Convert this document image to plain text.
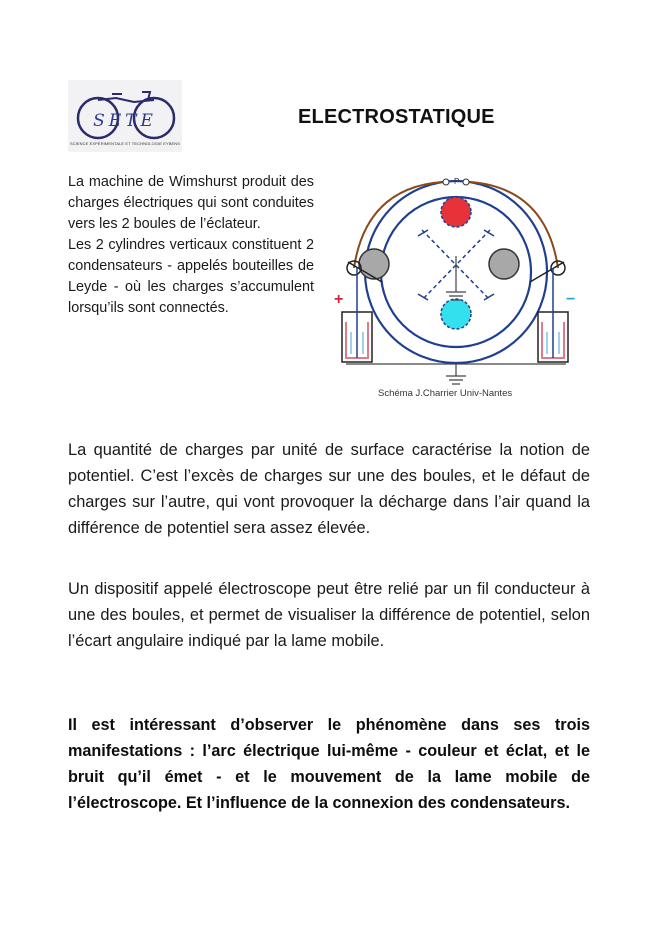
SETE
SCIENCE EXPÉRIMENTALE ET TECHNOLOGIE EYBENS
ELECTROSTATIQUE

La machine de Wimshurst produit des charges électriques qui sont conduites vers les 2 boules de l’éclateur.

Les 2 cylindres verticaux constituent 2 condensateurs - appelés bouteilles de Leyde - où les charges s’accumulent lorsqu’ils sont connectés.

P
+	−
Schéma J.Charrier Univ-Nantes

La quantité de charges par unité de surface caractérise la notion de potentiel. C’est l’excès de charges sur une des boules, et le défaut de charges sur l’autre, qui vont provoquer la décharge dans l’air quand la différence de potentiel sera assez élevée.

Un dispositif appelé électroscope peut être relié par un fil conducteur à une des boules, et permet de visualiser la différence de potentiel, selon l’écart angulaire indiqué par la lame mobile.

Il est intéressant d’observer le phénomène dans ses trois manifestations : l’arc électrique lui-même - couleur et éclat, et le bruit qu’il émet - et le mouvement de la lame mobile de l’électroscope. Et l’influence de la connexion des condensateurs.
